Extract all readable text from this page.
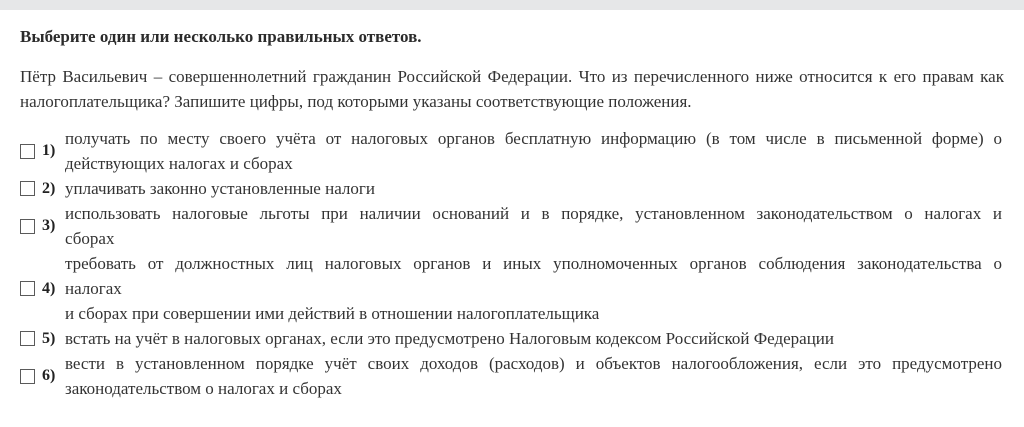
Выберите один или несколько правильных ответов.

Пётр Васильевич – совершеннолетний гражданин Российской Федерации. Что из перечисленного ниже относится к его правам как налогоплательщика? Запишите цифры, под которыми указаны соответствующие положения.
1)
получать по месту своего учёта от налоговых органов бесплатную информацию (в том числе в письменной форме) о
действующих налогах и сборах
2) уплачивать законно установленные налоги
3)
использовать налоговые льготы при наличии оснований и в порядке, установленном законодательством о налогах и
сборах
4)
требовать от должностных лиц налоговых органов и иных уполномоченных органов соблюдения законодательства о
налогах
и сборах при совершении ими действий в отношении налогоплательщика
5) встать на учёт в налоговых органах, если это предусмотрено Налоговым кодексом Российской Федерации
6)
вести в установленном порядке учёт своих доходов (расходов) и объектов налогообложения, если это предусмотрено
законодательством о налогах и сборах
